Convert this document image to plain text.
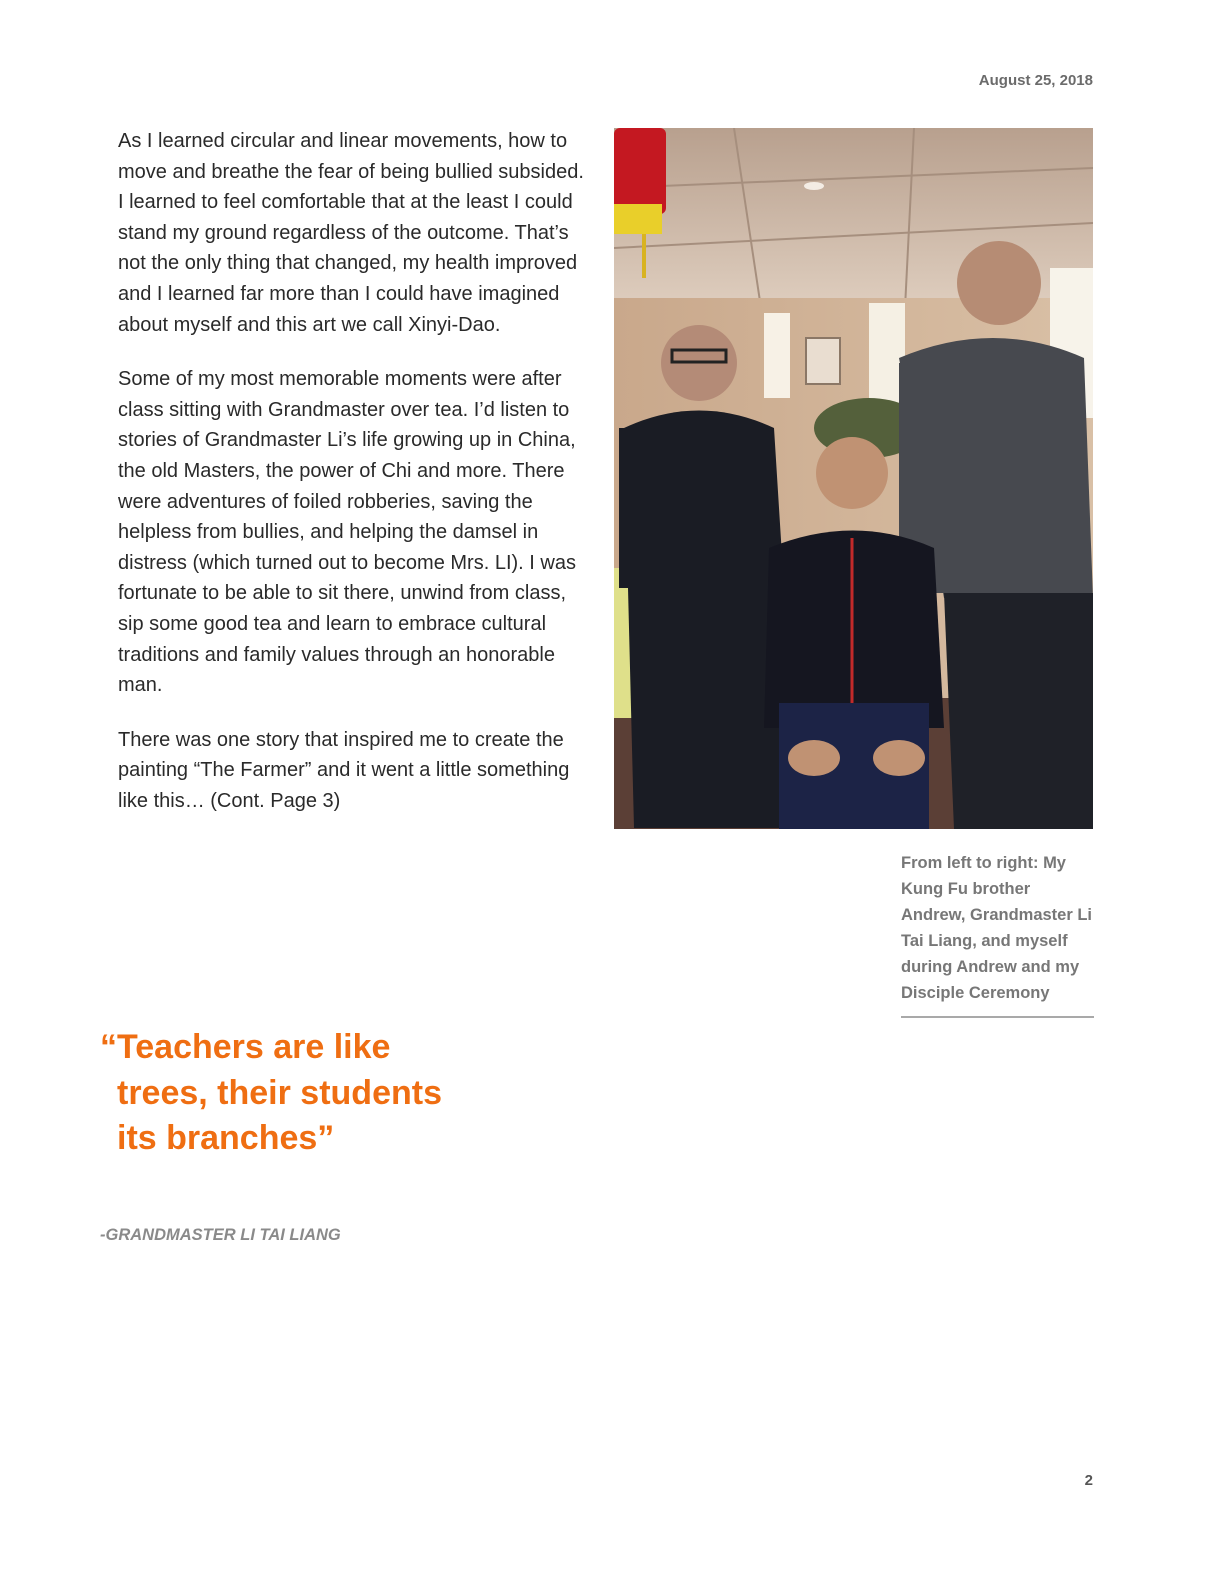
August 25, 2018

As I learned circular and linear movements, how to move and breathe the fear of being bullied subsided. I learned to feel comfortable that at the least I could stand my ground regardless of the outcome. That’s not the only thing that changed, my health improved and I learned far more than I could have imagined about myself and this art we call Xinyi-Dao.

Some of my most memorable moments were after class sitting with Grandmaster over tea. I’d listen to stories of Grandmaster Li’s life growing up in China, the old Masters, the power of Chi and more. There were adventures of foiled robberies, saving the helpless from bullies, and helping the damsel in distress (which turned out to become Mrs. LI). I was fortunate to be able to sit there, unwind from class, sip some good tea and learn to embrace cultural traditions and family values through an honorable man.

There was one story that inspired me to create the painting “The Farmer” and it went a little something like this… (Cont. Page 3)

From left to right: My Kung Fu brother Andrew, Grandmaster Li Tai Liang, and myself during Andrew and my Disciple Ceremony

“Teachers are like trees, their students its branches”

-GRANDMASTER LI TAI LIANG

2
